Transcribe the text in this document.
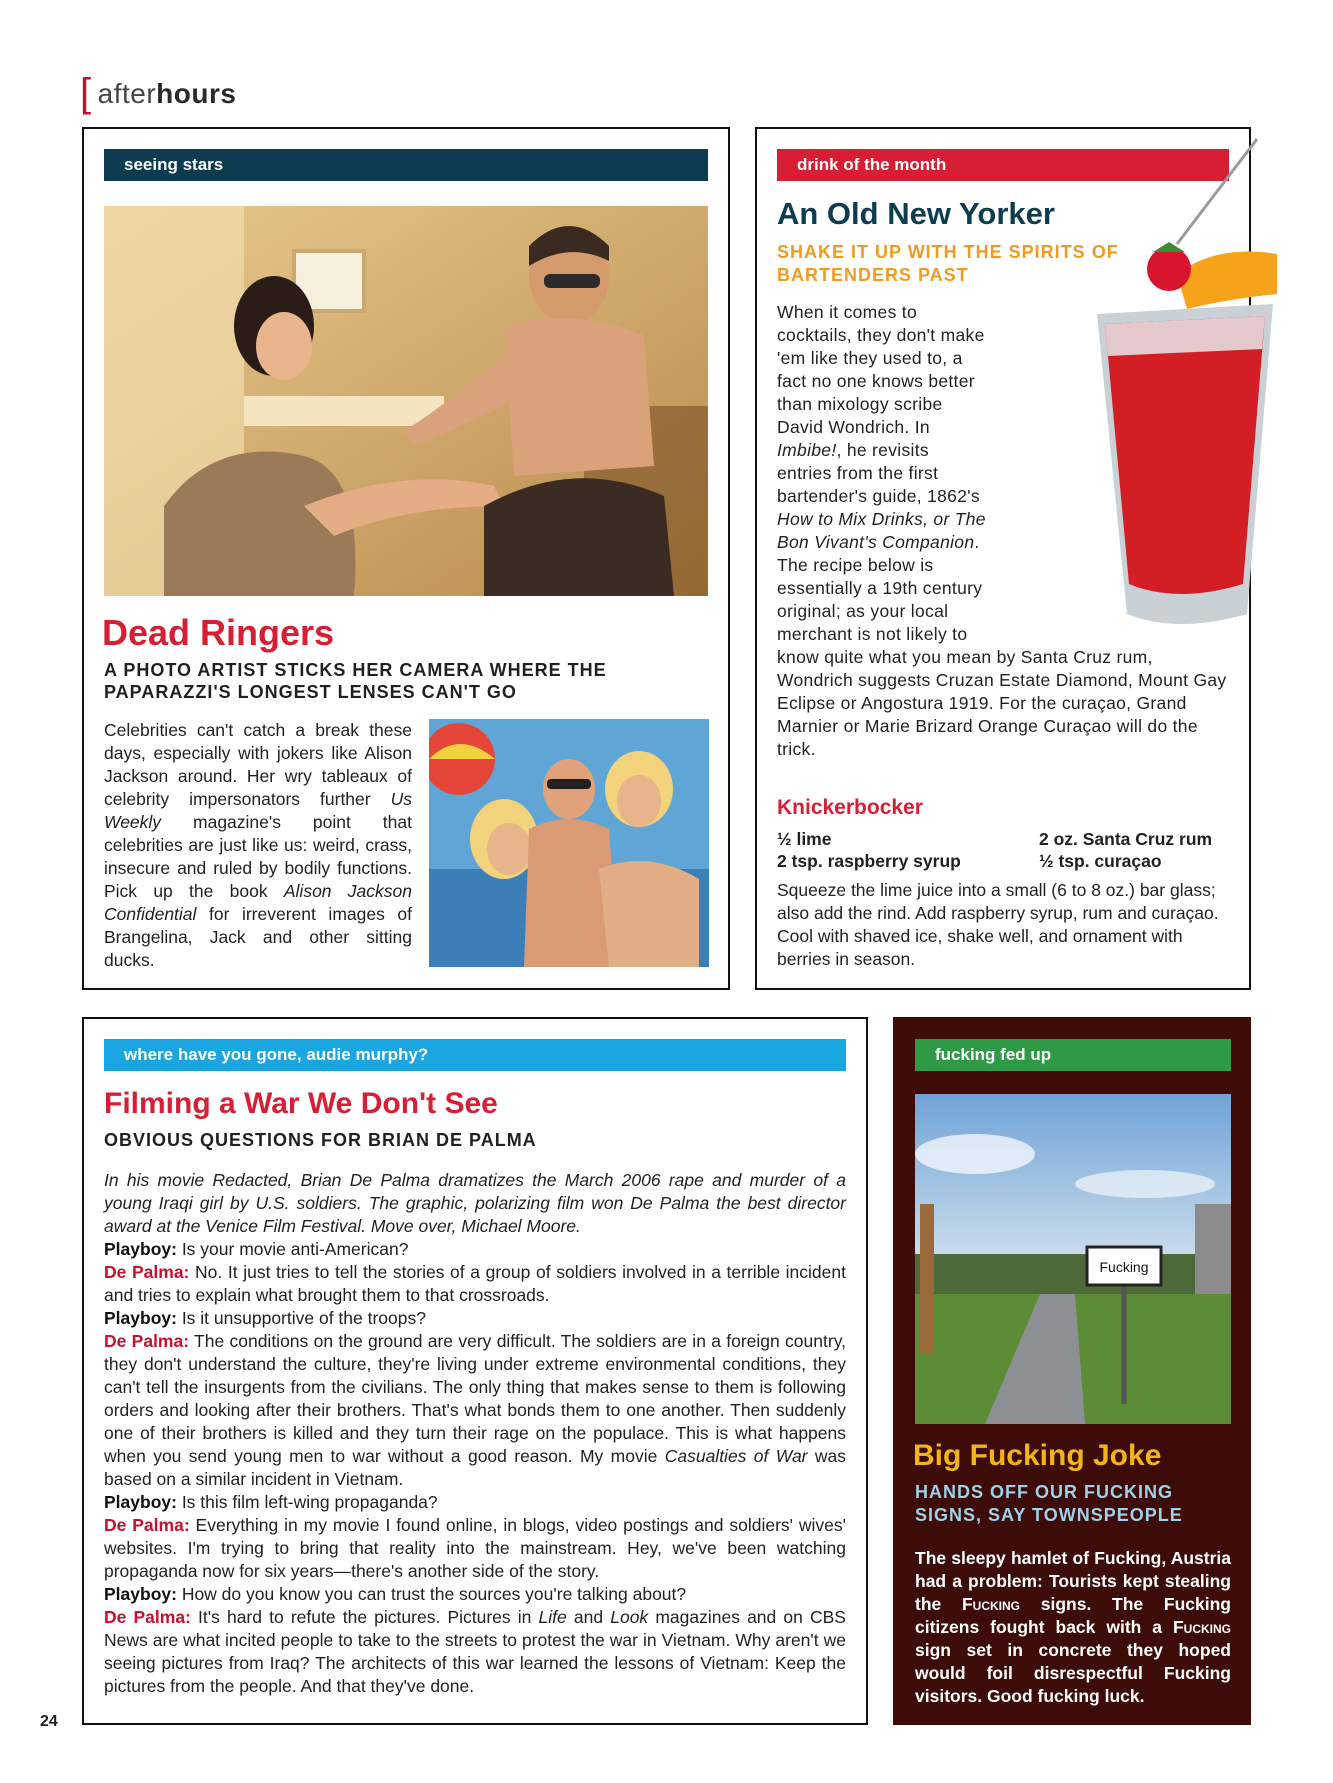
[ afterhours
seeing stars
Dead Ringers
A PHOTO ARTIST STICKS HER CAMERA WHERE THE PAPARAZZI'S LONGEST LENSES CAN'T GO
Celebrities can't catch a break these days, especially with jokers like Alison Jackson around. Her wry tableaux of celebrity impersonators further Us Weekly magazine's point that celebrities are just like us: weird, crass, insecure and ruled by bodily functions. Pick up the book Alison Jackson Confidential for irreverent images of Brangelina, Jack and other sitting ducks.
drink of the month
An Old New Yorker
SHAKE IT UP WITH THE SPIRITS OF BARTENDERS PAST
When it comes to cocktails, they don't make 'em like they used to, a fact no one knows better than mixology scribe David Wondrich. In Imbibe!, he revisits entries from the first bartender's guide, 1862's How to Mix Drinks, or The Bon Vivant's Companion. The recipe below is essentially a 19th century original; as your local merchant is not likely to know quite what you mean by Santa Cruz rum, Wondrich suggests Cruzan Estate Diamond, Mount Gay Eclipse or Angostura 1919. For the curaçao, Grand Marnier or Marie Brizard Orange Curaçao will do the trick.
Knickerbocker
½ lime	2 oz. Santa Cruz rum
2 tsp. raspberry syrup	½ tsp. curaçao
Squeeze the lime juice into a small (6 to 8 oz.) bar glass; also add the rind. Add raspberry syrup, rum and curaçao. Cool with shaved ice, shake well, and ornament with berries in season.
where have you gone, audie murphy?
Filming a War We Don't See
OBVIOUS QUESTIONS FOR BRIAN DE PALMA

In his movie Redacted, Brian De Palma dramatizes the March 2006 rape and murder of a young Iraqi girl by U.S. soldiers. The graphic, polarizing film won De Palma the best director award at the Venice Film Festival. Move over, Michael Moore.

Playboy: Is your movie anti-American?

De Palma: No. It just tries to tell the stories of a group of soldiers involved in a terrible incident and tries to explain what brought them to that crossroads.

Playboy: Is it unsupportive of the troops?

De Palma: The conditions on the ground are very difficult. The soldiers are in a foreign country, they don't understand the culture, they're living under extreme environmental conditions, they can't tell the insurgents from the civilians. The only thing that makes sense to them is following orders and looking after their brothers. That's what bonds them to one another. Then suddenly one of their brothers is killed and they turn their rage on the populace. This is what happens when you send young men to war without a good reason. My movie Casualties of War was based on a similar incident in Vietnam.

Playboy: Is this film left-wing propaganda?

De Palma: Everything in my movie I found online, in blogs, video postings and soldiers' wives' websites. I'm trying to bring that reality into the mainstream. Hey, we've been watching propaganda now for six years—there's another side of the story.

Playboy: How do you know you can trust the sources you're talking about?

De Palma: It's hard to refute the pictures. Pictures in Life and Look magazines and on CBS News are what incited people to take to the streets to protest the war in Vietnam. Why aren't we seeing pictures from Iraq? The architects of this war learned the lessons of Vietnam: Keep the pictures from the people. And that they've done.

fucking fed up
Fucking
Big Fucking Joke
HANDS OFF OUR FUCKING SIGNS, SAY TOWNSPEOPLE
The sleepy hamlet of Fucking, Austria had a problem: Tourists kept stealing the Fucking signs. The Fucking citizens fought back with a Fucking sign set in concrete they hoped would foil disrespectful Fucking visitors. Good fucking luck.
24
